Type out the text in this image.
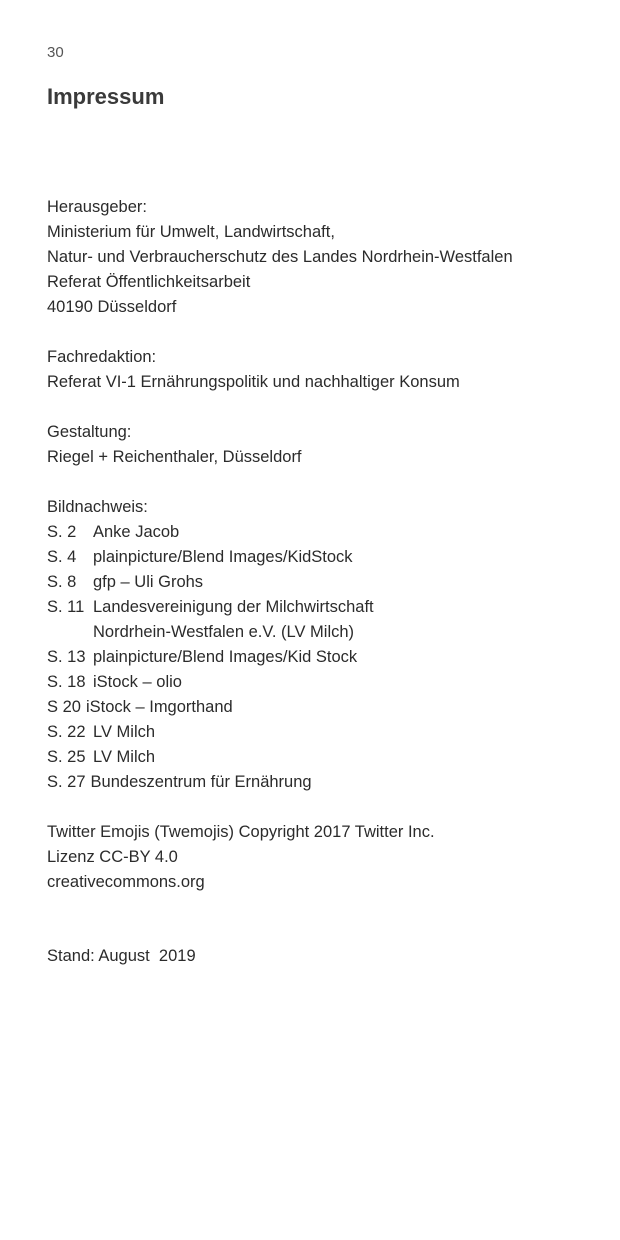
30
Impressum
Herausgeber:
Ministerium für Umwelt, Landwirtschaft,
Natur- und Verbraucherschutz des Landes Nordrhein-Westfalen
Referat Öffentlichkeitsarbeit
40190 Düsseldorf
Fachredaktion:
Referat VI-1 Ernährungspolitik und nachhaltiger Konsum
Gestaltung:
Riegel + Reichenthaler, Düsseldorf
Bildnachweis:
S. 2	Anke Jacob
S. 4	plainpicture/Blend Images/KidStock
S. 8	gfp – Uli Grohs
S. 11 Landesvereinigung der Milchwirtschaft
Nordrhein-Westfalen e.V. (LV Milch)
S. 13 plainpicture/Blend Images/Kid Stock
S. 18 iStock – olio
S 20 iStock – Imgorthand
S. 22 LV Milch
S. 25 LV Milch
S. 27 Bundeszentrum für Ernährung
Twitter Emojis (Twemojis) Copyright 2017 Twitter Inc.
Lizenz CC-BY 4.0
creativecommons.org
Stand: August  2019
